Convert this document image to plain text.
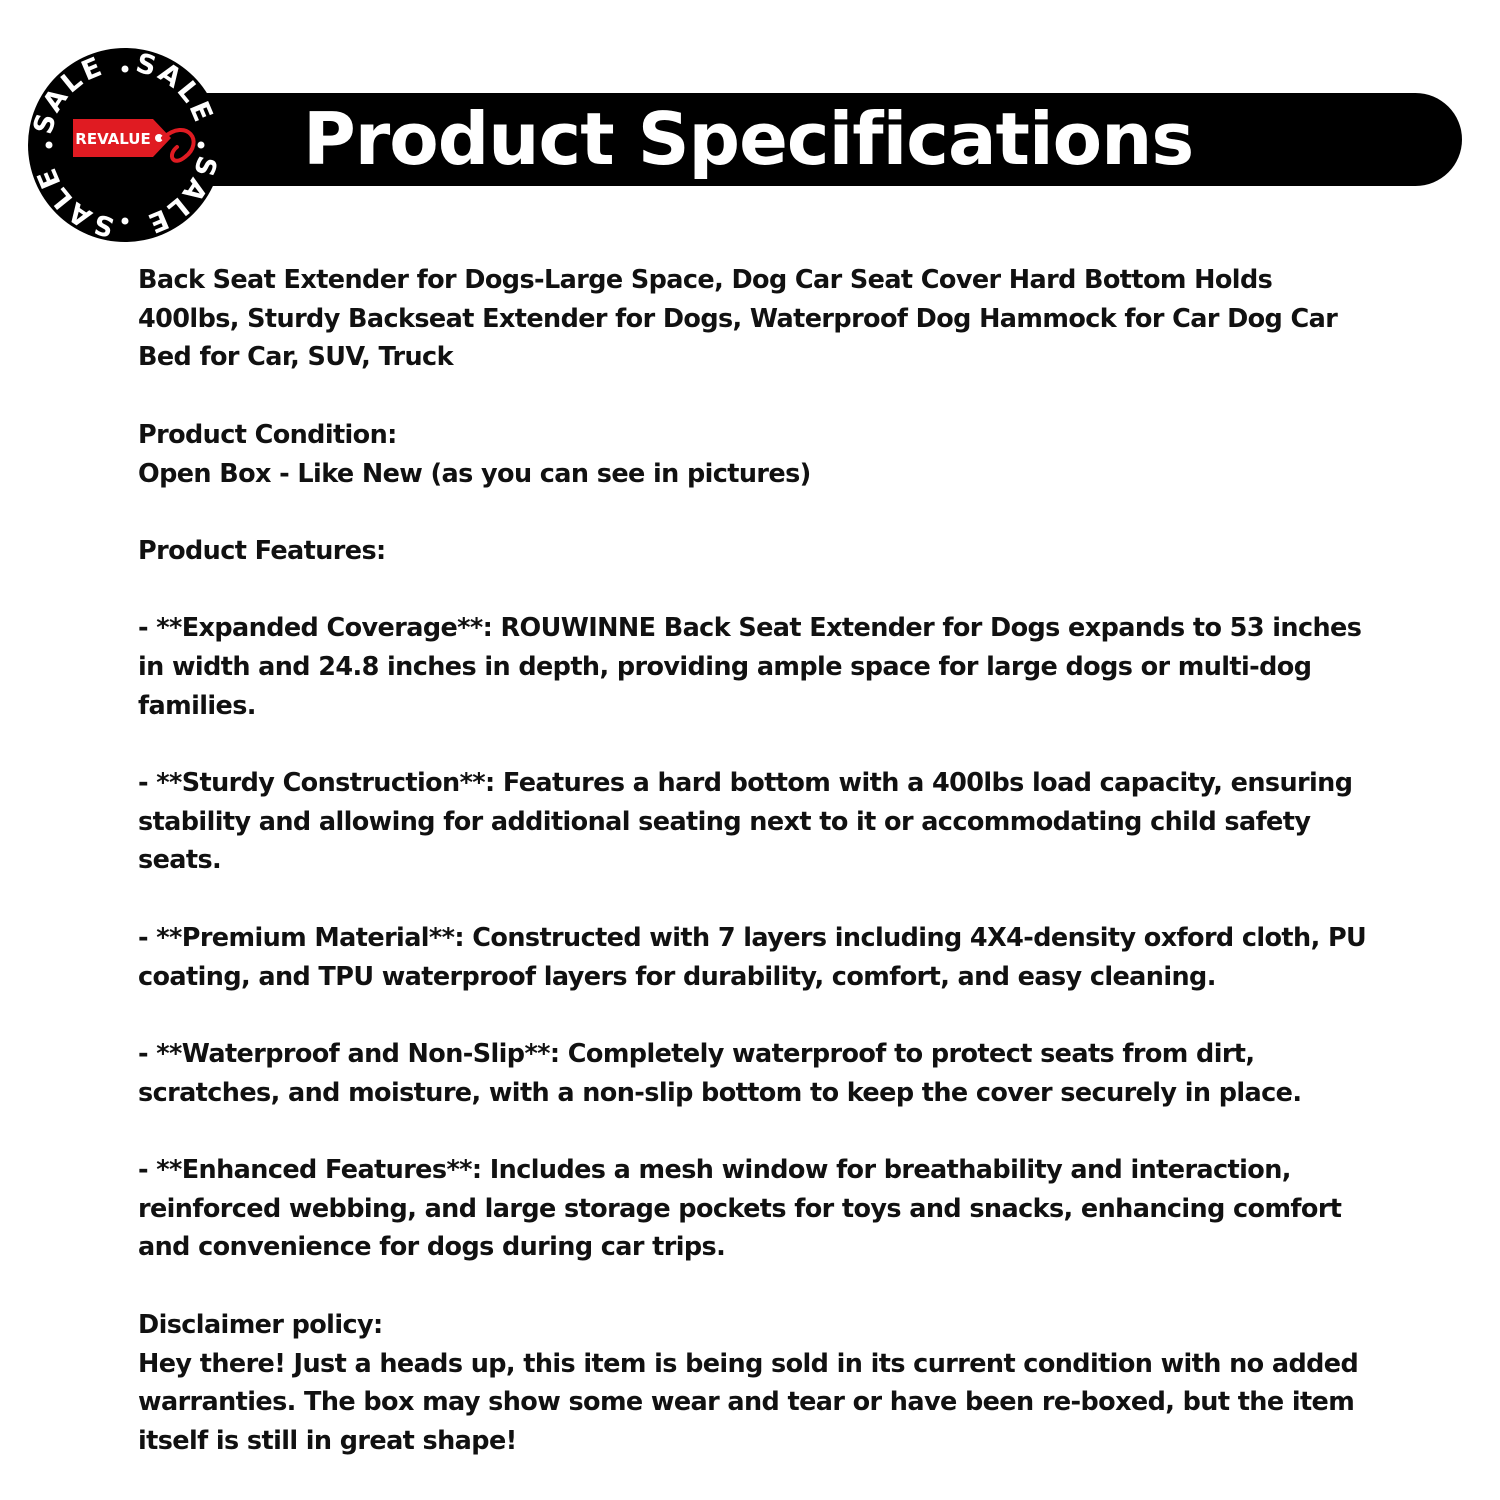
Product Specifications
SALE SALE
SALE
SALE
REVALUE

Back Seat Extender for Dogs-Large Space, Dog Car Seat Cover Hard Bottom Holds 400lbs, Sturdy Backseat Extender for Dogs, Waterproof Dog Hammock for Car Dog Car Bed for Car, SUV, Truck

Product Condition:
Open Box - Like New (as you can see in pictures)

Product Features:

- **Expanded Coverage**: ROUWINNE Back Seat Extender for Dogs expands to 53 inches in width and 24.8 inches in depth, providing ample space for large dogs or multi-dog families.

- **Sturdy Construction**: Features a hard bottom with a 400lbs load capacity, ensuring stability and allowing for additional seating next to it or accommodating child safety seats.

- **Premium Material**: Constructed with 7 layers including 4X4-density oxford cloth, PU coating, and TPU waterproof layers for durability, comfort, and easy cleaning.

- **Waterproof and Non-Slip**: Completely waterproof to protect seats from dirt, scratches, and moisture, with a non-slip bottom to keep the cover securely in place.

- **Enhanced Features**: Includes a mesh window for breathability and interaction, reinforced webbing, and large storage pockets for toys and snacks, enhancing comfort and convenience for dogs during car trips.

Disclaimer policy:
Hey there! Just a heads up, this item is being sold in its current condition with no added warranties. The box may show some wear and tear or have been re-boxed, but the item itself is still in great shape!
